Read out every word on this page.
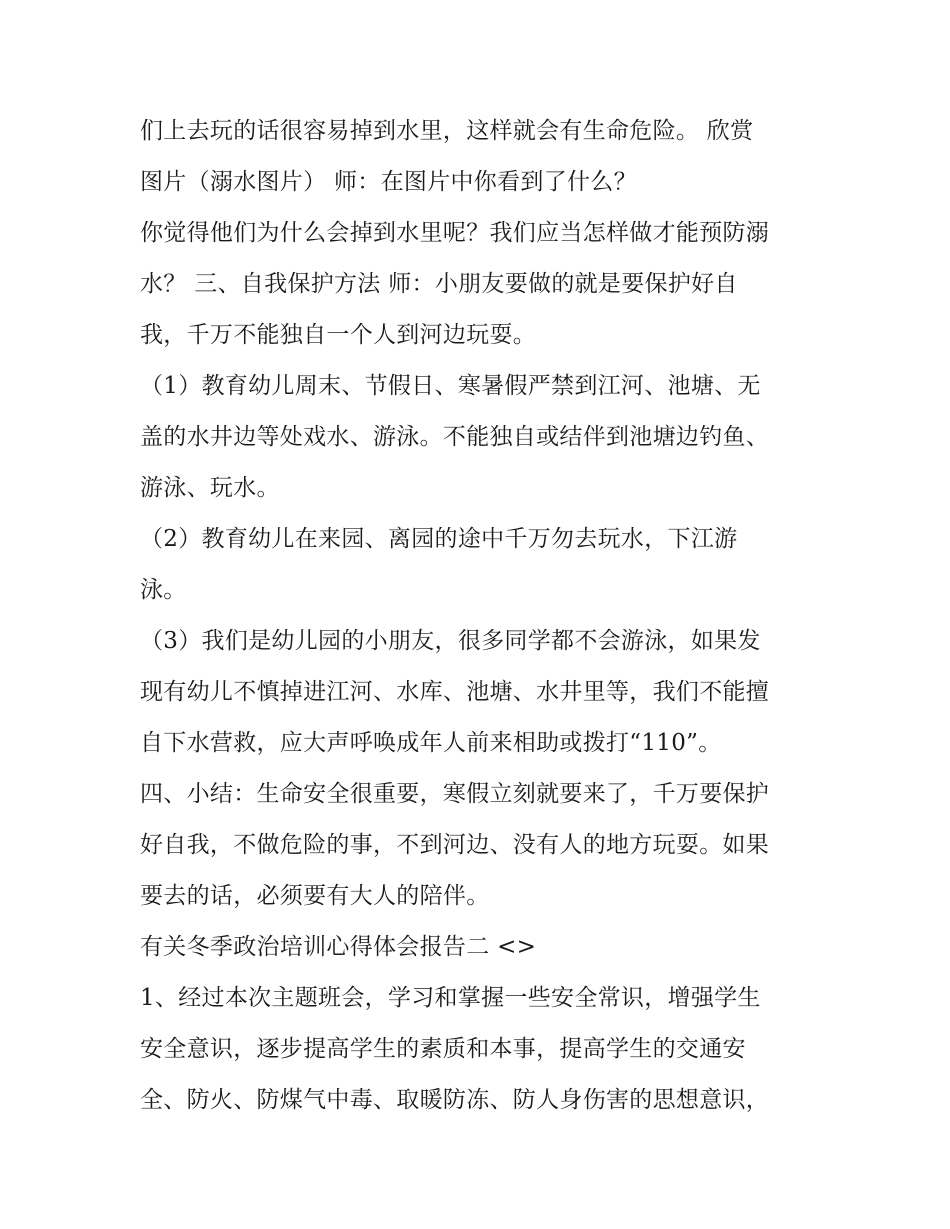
们上去玩的话很容易掉到水里，这样就会有生命危险。 欣赏
图片（溺水图片） 师：在图片中你看到了什么？
你觉得他们为什么会掉到水里呢？我们应当怎样做才能预防溺
水？ 三、自我保护方法 师：小朋友要做的就是要保护好自
我，千万不能独自一个人到河边玩耍。
（1）教育幼儿周末、节假日、寒暑假严禁到江河、池塘、无
盖的水井边等处戏水、游泳。不能独自或结伴到池塘边钓鱼、
游泳、玩水。
（2）教育幼儿在来园、离园的途中千万勿去玩水，下江游
泳。
（3）我们是幼儿园的小朋友，很多同学都不会游泳，如果发
现有幼儿不慎掉进江河、水库、池塘、水井里等，我们不能擅
自下水营救，应大声呼唤成年人前来相助或拨打“110”。
四、小结：生命安全很重要，寒假立刻就要来了，千万要保护
好自我，不做危险的事，不到河边、没有人的地方玩耍。如果
要去的话，必须要有大人的陪伴。
有关冬季政治培训心得体会报告二 <>
1、经过本次主题班会，学习和掌握一些安全常识，增强学生
安全意识，逐步提高学生的素质和本事，提高学生的交通安
全、防火、防煤气中毒、取暖防冻、防人身伤害的思想意识，
